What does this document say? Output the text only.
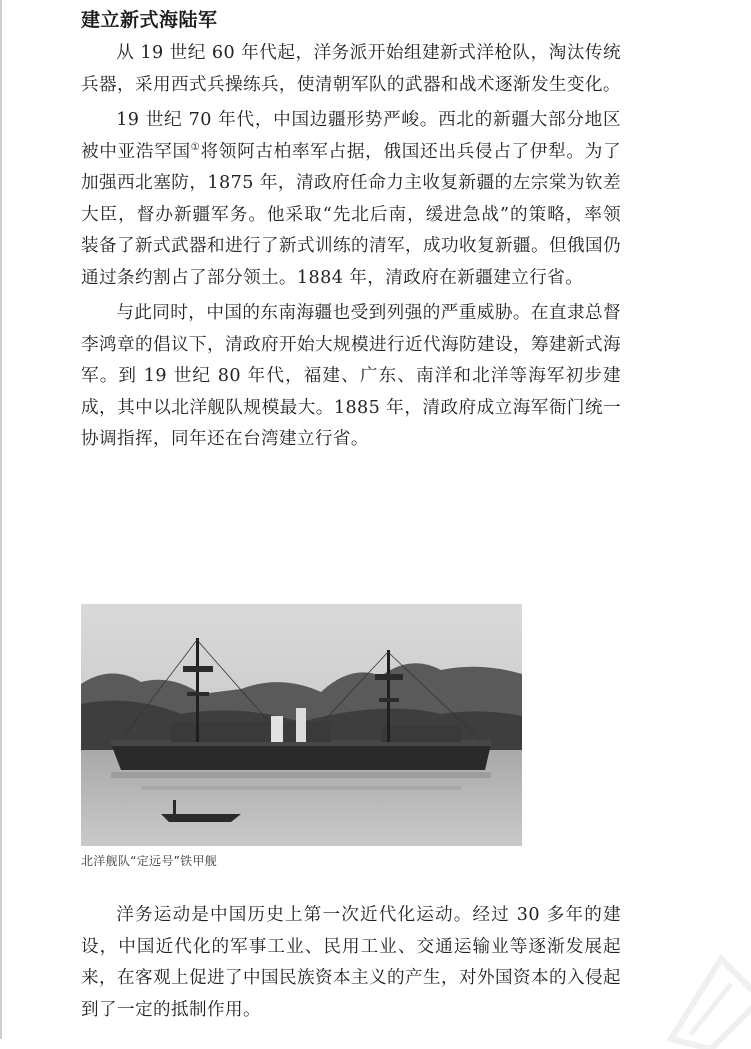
建立新式海陆军

从 19 世纪 60 年代起，洋务派开始组建新式洋枪队，淘汰传统兵器，采用西式兵操练兵，使清朝军队的武器和战术逐渐发生变化。

19 世纪 70 年代，中国边疆形势严峻。西北的新疆大部分地区被中亚浩罕国①将领阿古柏率军占据，俄国还出兵侵占了伊犁。为了加强西北塞防，1875 年，清政府任命力主收复新疆的左宗棠为钦差大臣，督办新疆军务。他采取“先北后南，缓进急战”的策略，率领装备了新式武器和进行了新式训练的清军，成功收复新疆。但俄国仍通过条约割占了部分领土。1884 年，清政府在新疆建立行省。

与此同时，中国的东南海疆也受到列强的严重威胁。在直隶总督李鸿章的倡议下，清政府开始大规模进行近代海防建设，筹建新式海军。到 19 世纪 80 年代，福建、广东、南洋和北洋等海军初步建成，其中以北洋舰队规模最大。1885 年，清政府成立海军衙门统一协调指挥，同年还在台湾建立行省。

北洋舰队“定远号”铁甲舰

洋务运动是中国历史上第一次近代化运动。经过 30 多年的建设，中国近代化的军事工业、民用工业、交通运输业等逐渐发展起来，在客观上促进了中国民族资本主义的产生，对外国资本的入侵起到了一定的抵制作用。
